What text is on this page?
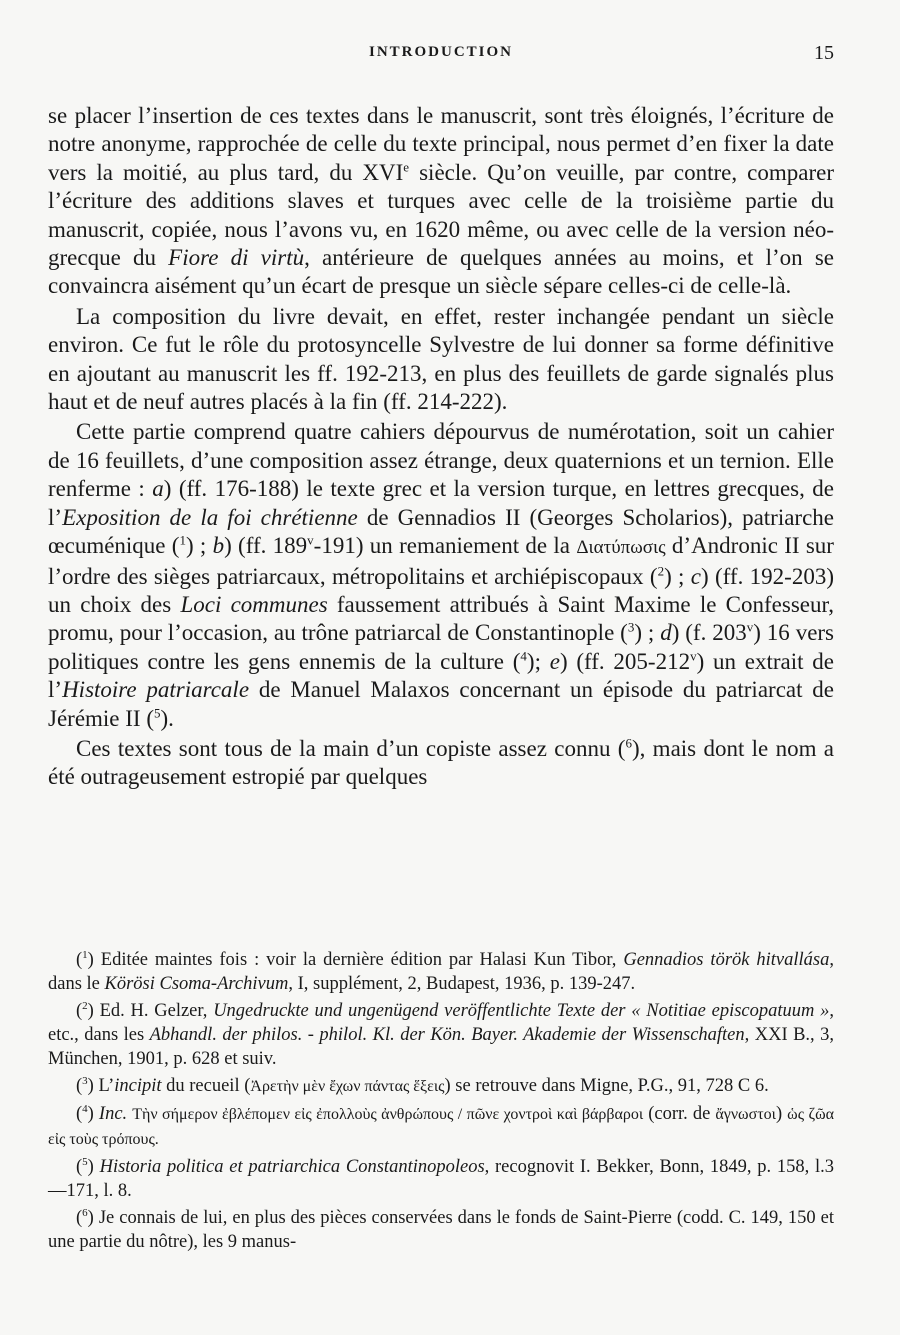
INTRODUCTION	15

se placer l’insertion de ces textes dans le manuscrit, sont très éloignés, l’écriture de notre anonyme, rapprochée de celle du texte principal, nous permet d’en fixer la date vers la moitié, au plus tard, du XVIe siècle. Qu’on veuille, par contre, comparer l’écriture des additions slaves et turques avec celle de la troisième partie du manuscrit, copiée, nous l’avons vu, en 1620 même, ou avec celle de la version néo-grecque du Fiore di virtù, antérieure de quelques années au moins, et l’on se convaincra aisément qu’un écart de presque un siècle sépare celles-ci de celle-là.

La composition du livre devait, en effet, rester inchangée pendant un siècle environ. Ce fut le rôle du protosyncelle Sylvestre de lui donner sa forme définitive en ajoutant au manuscrit les ff. 192-213, en plus des feuillets de garde signalés plus haut et de neuf autres placés à la fin (ff. 214-222).

Cette partie comprend quatre cahiers dépourvus de numérotation, soit un cahier de 16 feuillets, d’une composition assez étrange, deux quaternions et un ternion. Elle renferme : a) (ff. 176-188) le texte grec et la version turque, en lettres grecques, de l’Exposition de la foi chrétienne de Gennadios II (Georges Scholarios), patriarche œcuménique ($^1$) ; b) (ff. 189$^v$-191) un remaniement de la Διατύπωσις d’Andronic II sur l’ordre des sièges patriarcaux, métropolitains et archiépiscopaux ($^2$) ; c) (ff. 192-203) un choix des Loci communes faussement attribués à Saint Maxime le Confesseur, promu, pour l’occasion, au trône patriarcal de Constantinople ($^3$) ; d) (f. 203$^v$) 16 vers politiques contre les gens ennemis de la culture ($^4$); e) (ff. 205-212$^v$) un extrait de l’Histoire patriarcale de Manuel Malaxos concernant un épisode du patriarcat de Jérémie II ($^5$).

Ces textes sont tous de la main d’un copiste assez connu ($^6$), mais dont le nom a été outrageusement estropié par quelques

($^1$) Editée maintes fois : voir la dernière édition par Halasi Kun Tibor, Gennadios török hitvallása, dans le Körösi Csoma-Archivum, I, supplément, 2, Budapest, 1936, p. 139-247.

($^2$) Ed. H. Gelzer, Ungedruckte und ungenügend veröffentlichte Texte der « Notitiae episcopatuum », etc., dans les Abhandl. der philos. - philol. Kl. der Kön. Bayer. Akademie der Wissenschaften, XXI B., 3, München, 1901, p. 628 et suiv.

($^3$) L’incipit du recueil (Ἀρετὴν μὲν ἔχων πάντας ἕξεις) se retrouve dans Migne, P.G., 91, 728 C 6.

($^4$) Inc. Τὴν σήμερον ἐβλέπομεν εἰς ἐπολλοὺς ἀνθρώπους / πῶνε χοντροὶ καὶ βάρβαροι (corr. de ἄγνωστοι) ὡς ζῶα εἰς τοὺς τρόπους.

($^5$) Historia politica et patriarchica Constantinopoleos, recognovit I. Bekker, Bonn, 1849, p. 158, l.3—171, l. 8.

($^6$) Je connais de lui, en plus des pièces conservées dans le fonds de Saint-Pierre (codd. C. 149, 150 et une partie du nôtre), les 9 manus-
